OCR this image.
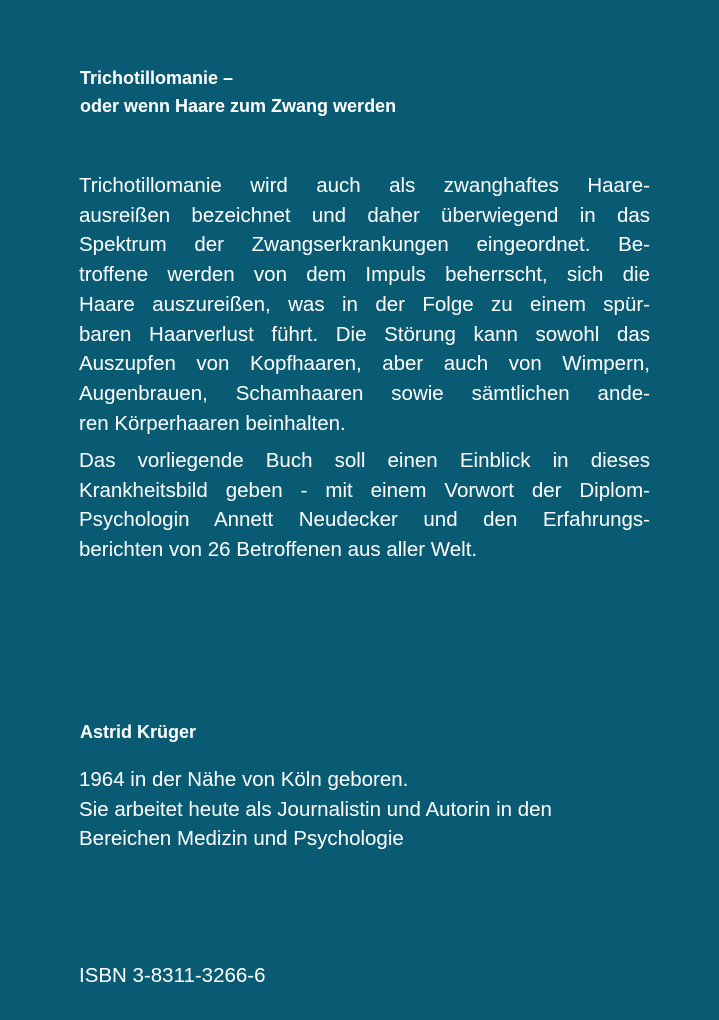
Trichotillomanie –
oder wenn Haare zum Zwang werden
Trichotillomanie wird auch als zwanghaftes Haare-
ausreißen bezeichnet und daher überwiegend in das
Spektrum der Zwangserkrankungen eingeordnet. Be-
troffene werden von dem Impuls beherrscht, sich die
Haare auszureißen, was in der Folge zu einem spür-
baren Haarverlust führt. Die Störung kann sowohl das
Auszupfen von Kopfhaaren, aber auch von Wimpern,
Augenbrauen, Schamhaaren sowie sämtlichen ande-
ren Körperhaaren beinhalten.
Das vorliegende Buch soll einen Einblick in dieses
Krankheitsbild geben - mit einem Vorwort der Diplom-
Psychologin Annett Neudecker und den Erfahrungs-
berichten von 26 Betroffenen aus aller Welt.
Astrid Krüger
1964 in der Nähe von Köln geboren.
Sie arbeitet heute als Journalistin und Autorin in den
Bereichen Medizin und Psychologie
ISBN 3-8311-3266-6
